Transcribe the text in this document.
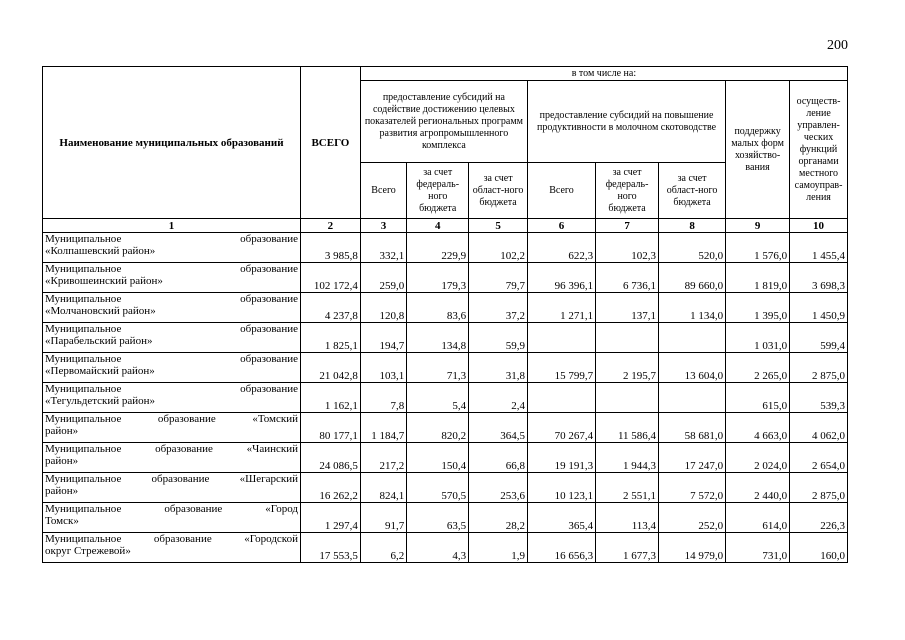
200
Наименование муниципальных образований	ВСЕГО	в том числе на:							
		предоставление субсидий на содействие достижению целевых показателей региональных программ развития агропромышленного комплекса			предоставление субсидий на повышение продуктивности в молочном скотоводстве			поддержку малых форм хозяйство-вания	осуществ-ление управлен-ческих функций органами местного самоуправ-ления
		Всего	за счет федераль-ного бюджета	за счет област-ного бюджета	Всего	за счет федераль-ного бюджета	за счет област-ного бюджета		
1	2	3	4	5	6	7	8	9	10

Муниципальное образование
«Колпашевский район»	3 985,8	332,1	229,9	102,2	622,3	102,3	520,0	1 576,0	1 455,4

Муниципальное образование
«Кривошеинский район»	102 172,4	259,0	179,3	79,7	96 396,1	6 736,1	89 660,0	1 819,0	3 698,3

Муниципальное образование
«Молчановский район»	4 237,8	120,8	83,6	37,2	1 271,1	137,1	1 134,0	1 395,0	1 450,9

Муниципальное образование
«Парабельский район»	1 825,1	194,7	134,8	59,9				1 031,0	599,4

Муниципальное образование
«Первомайский район»	21 042,8	103,1	71,3	31,8	15 799,7	2 195,7	13 604,0	2 265,0	2 875,0

Муниципальное образование
«Тегульдетский район»	1 162,1	7,8	5,4	2,4				615,0	539,3

Муниципальное образование «Томский
район»	80 177,1	1 184,7	820,2	364,5	70 267,4	11 586,4	58 681,0	4 663,0	4 062,0

Муниципальное образование «Чаинский
район»	24 086,5	217,2	150,4	66,8	19 191,3	1 944,3	17 247,0	2 024,0	2 654,0

Муниципальное образование «Шегарский
район»	16 262,2	824,1	570,5	253,6	10 123,1	2 551,1	7 572,0	2 440,0	2 875,0

Муниципальное образование «Город
Томск»	1 297,4	91,7	63,5	28,2	365,4	113,4	252,0	614,0	226,3

Муниципальное образование «Городской
округ Стрежевой»	17 553,5	6,2	4,3	1,9	16 656,3	1 677,3	14 979,0	731,0	160,0
